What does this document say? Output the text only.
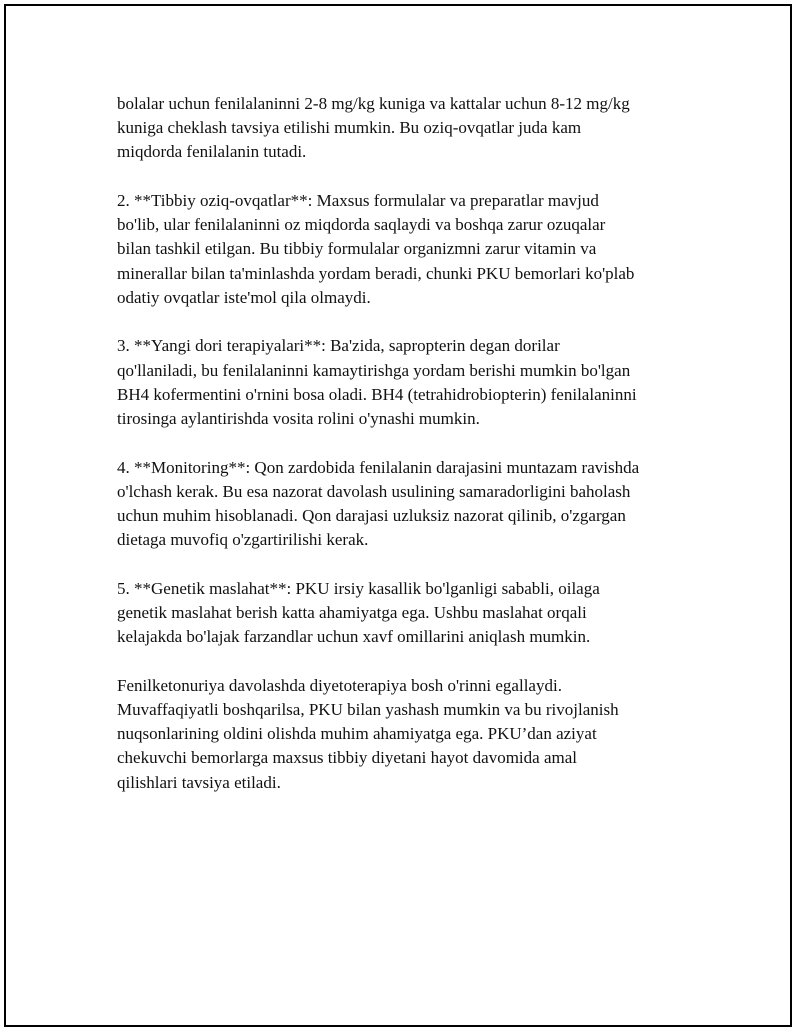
bolalar uchun fenilalaninni 2-8 mg/kg kuniga va kattalar uchun 8-12 mg/kg
kuniga cheklash tavsiya etilishi mumkin. Bu oziq-ovqatlar juda kam
miqdorda fenilalanin tutadi.

2. **Tibbiy oziq-ovqatlar**: Maxsus formulalar va preparatlar mavjud
bo'lib, ular fenilalaninni oz miqdorda saqlaydi va boshqa zarur ozuqalar
bilan tashkil etilgan. Bu tibbiy formulalar organizmni zarur vitamin va
minerallar bilan ta'minlashda yordam beradi, chunki PKU bemorlari ko'plab
odatiy ovqatlar iste'mol qila olmaydi.

3. **Yangi dori terapiyalari**: Ba'zida, sapropterin degan dorilar
qo'llaniladi, bu fenilalaninni kamaytirishga yordam berishi mumkin bo'lgan
BH4 kofermentini o'rnini bosa oladi. BH4 (tetrahidrobiopterin) fenilalaninni
tirosinga aylantirishda vosita rolini o'ynashi mumkin.

4. **Monitoring**: Qon zardobida fenilalanin darajasini muntazam ravishda
o'lchash kerak. Bu esa nazorat davolash usulining samaradorligini baholash
uchun muhim hisoblanadi. Qon darajasi uzluksiz nazorat qilinib, o'zgargan
dietaga muvofiq o'zgartirilishi kerak.

5. **Genetik maslahat**: PKU irsiy kasallik bo'lganligi sababli, oilaga
genetik maslahat berish katta ahamiyatga ega. Ushbu maslahat orqali
kelajakda bo'lajak farzandlar uchun xavf omillarini aniqlash mumkin.

Fenilketonuriya davolashda diyetoterapiya bosh o'rinni egallaydi.
Muvaffaqiyatli boshqarilsa, PKU bilan yashash mumkin va bu rivojlanish
nuqsonlarining oldini olishda muhim ahamiyatga ega. PKU’dan aziyat
chekuvchi bemorlarga maxsus tibbiy diyetani hayot davomida amal
qilishlari tavsiya etiladi.
